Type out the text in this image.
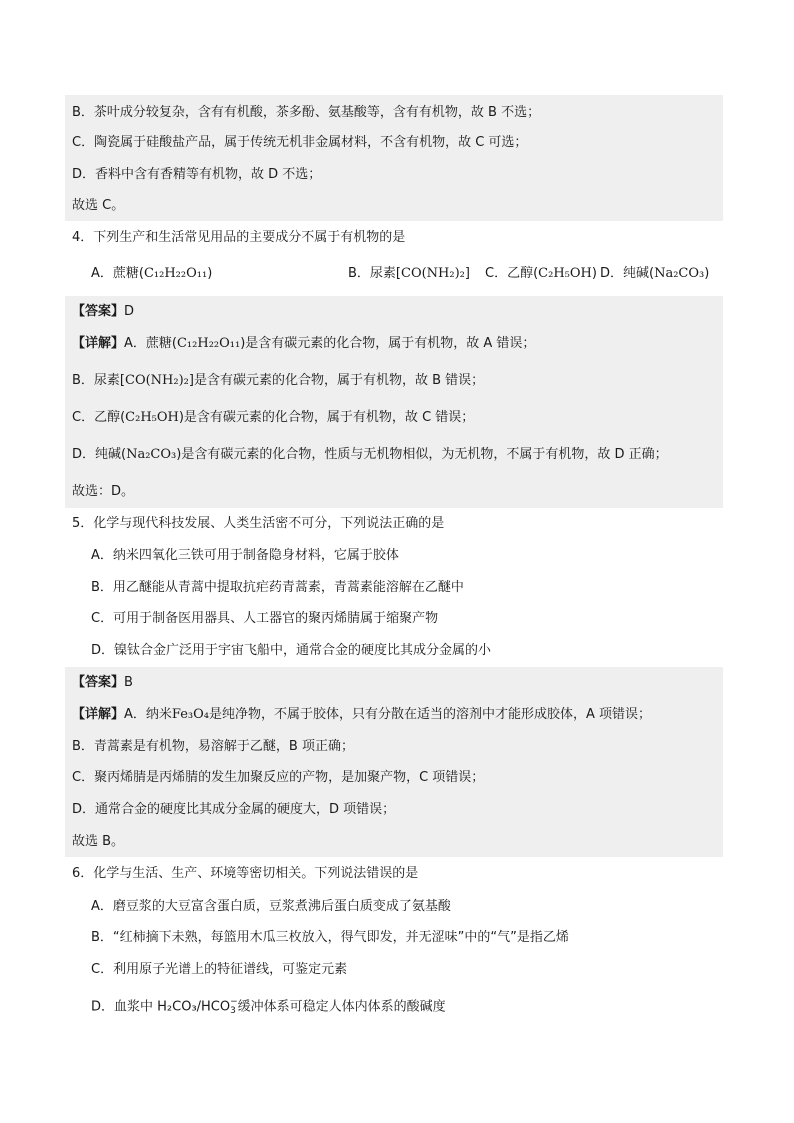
B．茶叶成分较复杂，含有有机酸，茶多酚、氨基酸等，含有有机物，故 B 不选；
C．陶瓷属于硅酸盐产品，属于传统无机非金属材料，不含有机物，故 C 可选；
D．香料中含有香精等有机物，故 D 不选；
故选 C。
4．下列生产和生活常见用品的主要成分不属于有机物的是
A．蔗糖(C₁₂H₂₂O₁₁)	B．尿素[CO(NH₂)₂] C．乙醇(C₂H₅OH) D．纯碱(Na₂CO₃)
【答案】D
【详解】A．蔗糖(C₁₂H₂₂O₁₁)是含有碳元素的化合物，属于有机物，故 A 错误；
B．尿素[CO(NH₂)₂]是含有碳元素的化合物，属于有机物，故 B 错误；
C．乙醇(C₂H₅OH)是含有碳元素的化合物，属于有机物，故 C 错误；
D．纯碱(Na₂CO₃)是含有碳元素的化合物，性质与无机物相似，为无机物，不属于有机物，故 D 正确；
故选：D。
5．化学与现代科技发展、人类生活密不可分，下列说法正确的是
A．纳米四氧化三铁可用于制备隐身材料，它属于胶体
B．用乙醚能从青蒿中提取抗疟药青蒿素，青蒿素能溶解在乙醚中
C．可用于制备医用器具、人工器官的聚丙烯腈属于缩聚产物
D．镍钛合金广泛用于宇宙飞船中，通常合金的硬度比其成分金属的小
【答案】B
【详解】A．纳米Fe₃O₄是纯净物，不属于胶体，只有分散在适当的溶剂中才能形成胶体，A 项错误；
B．青蒿素是有机物，易溶解于乙醚，B 项正确；
C．聚丙烯腈是丙烯腈的发生加聚反应的产物，是加聚产物，C 项错误；
D．通常合金的硬度比其成分金属的硬度大，D 项错误；
故选 B。
6．化学与生活、生产、环境等密切相关。下列说法错误的是
A．磨豆浆的大豆富含蛋白质，豆浆煮沸后蛋白质变成了氨基酸
B．“红柿摘下未熟，每篮用木瓜三枚放入，得气即发，并无涩味”中的“气”是指乙烯
C．利用原子光谱上的特征谱线，可鉴定元素
D．血浆中 H₂CO₃/HCO −
3 缓冲体系可稳定人体内体系的酸碱度
